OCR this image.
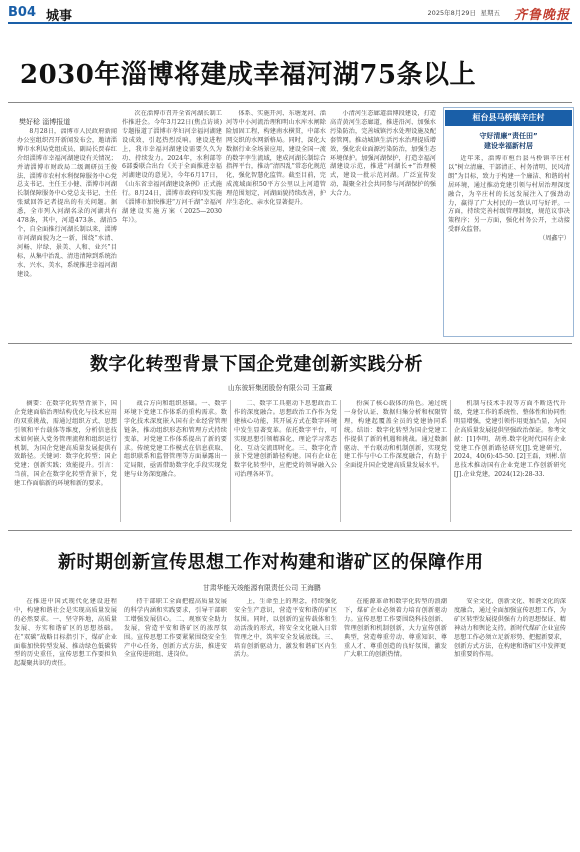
B04 城事	2025年8月29日 星期五 齐鲁晚报
2030年淄博将建成幸福河湖75条以上
樊好稔 淄博报道

8月28日，淄博市人民政府新闻办公室组织召开新闻发布会，邀请淄博市水利局党组成员、副局长贾春红介绍淄博市幸福河湖建设有关情况；并请淄博市财政局二级调研员王俊法、淄博市农村水利保障服务中心党总支书记、主任王小健、淄博市河湖长制保障服务中心党总支书记、主任张斌回答记者提出的有关问题。据悉，全市列入河湖名录的河湖共有478条，其中，河道473条、湖泊5个，自全面推行河湖长制以来，淄博市河湖面貌为之一新，围绕“水清、河畅、岸绿、景美、人和、业兴”目标，从集中治乱、清违清障到系统治水、兴水、美水，系统推进幸福河湖建设。

次在淄博市召开全省河湖长制工作推进会。今年3月22日(焦点访谈)专题报道了淄博市孝妇河幸福河湖建设成效，引起热烈反响。建设进程上，我市幸福河湖建设需要久久为功、持续发力。2024年，水利部等6部委联合出台《关于全面推进幸福河湖建设的意见》，今年6月17日，《山东省幸福河湖建设条例》正式施行。8月24日，淄博市政府印发实施《淄博市加快推进“万河千湖”幸福河湖建设实施方案（2025—2030年）》。

体系、实施开河、东塘龙河、淄河等中小河流治理和明山水库水闸除险加固工程，构建南水横贯，中部水网交织的水网新格局。同时，深化大数据行业全场景应用，建设全国一流的数字孪生流域，建成河湖长制综合指挥平台，推动“清四乱”常态化规范化，强化智慧化监管。截至目前，完成流域面积50平方公里以上河道管理范围划定，河湖面貌持续改善，护岸生态化、亲水化显著提升。

小清河生态廊道淄博段建设，打造高青黄河生态廊道，推进沿河、加强水污染防治，完善城镇污水处理设施及配套管网。推动城镇生活污水治理提质增效，强化农业面源污染防治，加强生态环境保护。加强河湖保护，打造幸福河湖建设示范，推进“河湖长+”治理模式，建设一批示范河湖。广泛宣传发动，凝聚全社会共同参与河湖保护的强大合力。

桓台县马桥镇辛庄村
守好清廉“责任田”
建设幸福新村居

近年来，淄博市桓台县马桥镇辛庄村以“树立清廉、干部清正、村务清明、民风清朗”为目标，致力于构建一个廉洁、和谐的村居环境，通过推动党建引领与村居治理深度融合，为辛庄村的长远发展注入了强劲动力，赢得了广大村民的一致认可与好评。一方面，持续完善村级管理制度，规范议事决策程序；另一方面，强化村务公开，主动接受群众监督。

（周鑫宁）

数字化转型背景下国企党建创新实践分析
山东彼轩集团股份有限公司 王富藏

摘要：在数字化转型背景下，国企党建面临治理结构优化与技术应用的双重挑战，需通过组织方式、思想引领和平台载体等维度，分析信息技术如何嵌入党务管理流程和组织运行机制，为国企党建高质量发展提供有效路径。关键词：数字化转型；国企党建；创新实践；效能提升。引言：当前，国企在数字化转型背景下，党建工作面临新的环境和新的要求。

战合方向和组织基础。一、数字环境下党建工作体系的重构需求。数字化技术深度嵌入国有企业经营管理链条，推动组织形态和管理方式持续变革，对党建工作体系提出了新的要求。传统党建工作模式在信息获取、组织联系和监督管理等方面暴露出一定局限，亟需借助数字化手段实现党建与业务深度融合。

二、数字工具驱动下思想政治工作的深度融合。思想政治工作作为党建核心功能，其开展方式在数字环境中发生显著变革。依托数字平台，可实现思想引领精准化、理论学习常态化、互动交流即时化。三、数字化背景下党建创新路径构建。国有企业在数字化转型中，应把党的领导融入公司治理各环节。

扮演了核心载体的角色。通过统一身份认证、数据归集分析和权限管理，构建起覆盖全员的党建协同系统。结语：数字化转型为国企党建工作提供了新的机遇和挑战。通过数据驱动、平台联动和机制创新，实现党建工作与中心工作深度融合，有助于全面提升国企党建高质量发展水平。

机制与技术手段等方面不断迭代升级，党建工作的系统性、整体性和协同性明显增强，党建引领作用更加凸显，为国企高质量发展提供坚强政治保证。参考文献：[1]李明，胡勇.数字化时代国有企业党建工作创新路径研究[J].党建研究，2024，40(6):45-50. [2]王磊，刘彬.信息技术推动国有企业党建工作创新研究[J].企业党建，2024(12):28-33.

新时期创新宣传思想工作对构建和谐矿区的保障作用
甘肃华能天竣能源有限责任公司 王海鹏

在推进中国式现代化建设进程中，构建和谐社会是实现高质量发展的必然要求。一、坚守阵地，高质量发展、夯实和谐矿区的思想基础。在“双碳”战略目标指引下，煤矿企业面临加快转型发展、推动绿色低碳转型的历史重任，宣传思想工作要担负起凝聚共识的责任。

持干部职工全面把握高质量发展的科学内涵和实践要求，引导干部职工增强发展信心。二、观察安全助力发展，营造平安和谐矿区的浓厚氛围。宣传思想工作要紧紧围绕安全生产中心任务，创新方式方法，推进安全宣传进班组、进岗位。

上，生命至上的理念，持续强化安全生产意识，营造平安和谐的矿区氛围。同时，以创新的宣传载体和生动活泼的形式，将安全文化融入日常管理之中，筑牢安全发展底线。三、培育创新驱动力，激发和谐矿区内生活力。

在能源革命和数字化转型的浪潮下，煤矿企业必须着力培育创新驱动力。宣传思想工作要围绕科技创新、管理创新和机制创新，大力宣传创新典型，营造尊重劳动、尊重知识、尊重人才、尊重创造的良好氛围，激发广大职工的创新热情。

安全文化、创新文化、和谐文化的深度融合，通过全面加强宣传思想工作，为矿区转型发展提供强有力的思想保证、精神动力和舆论支持。新时代煤矿企业宣传思想工作必须立足新形势、把握新要求，创新方式方法，在构建和谐矿区中发挥更加重要的作用。
